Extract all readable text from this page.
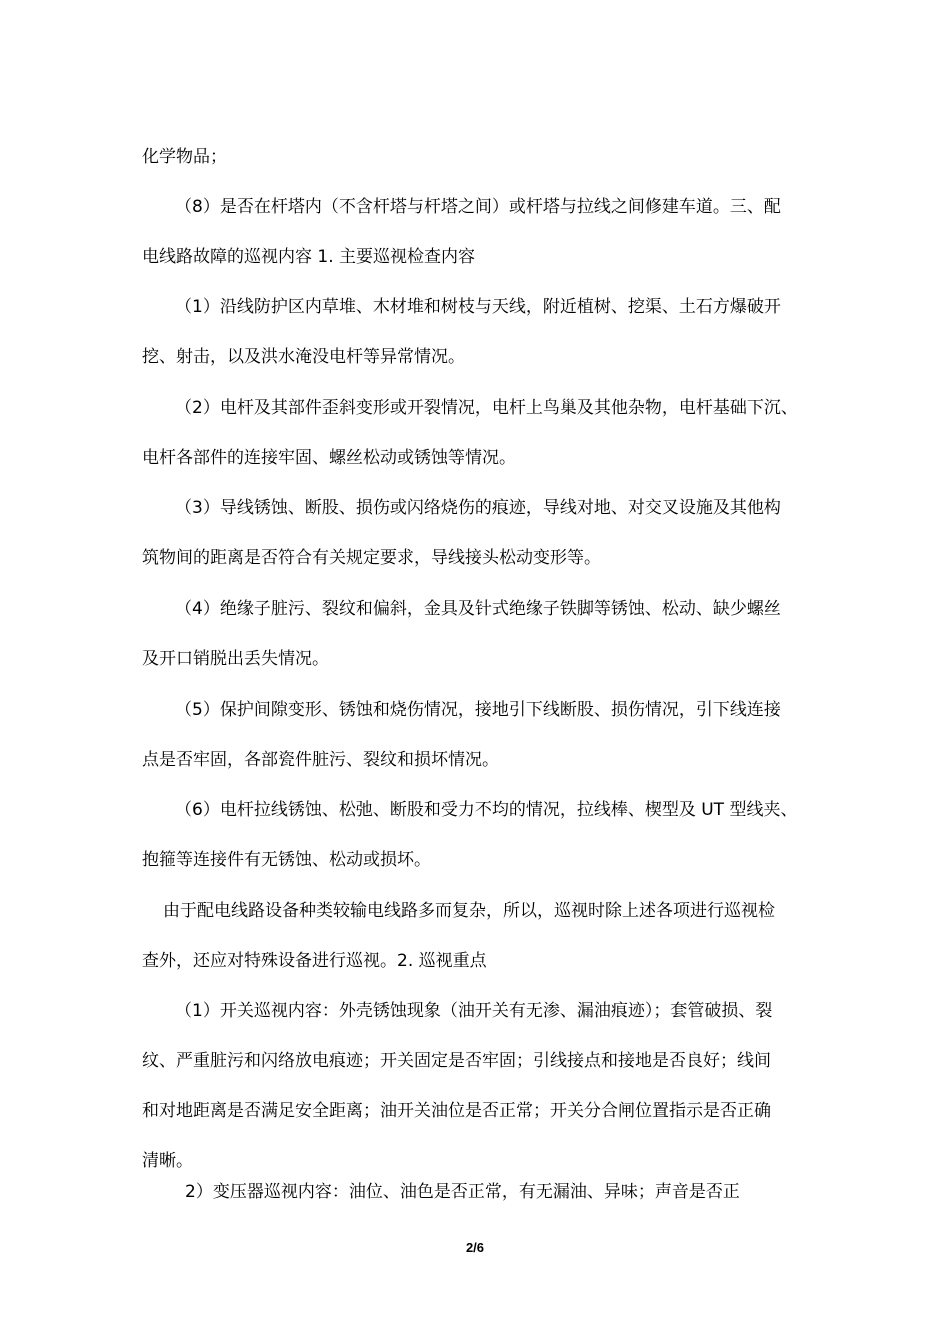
化学物品；
（8）是否在杆塔内（不含杆塔与杆塔之间）或杆塔与拉线之间修建车道。三、配
电线路故障的巡视内容 1. 主要巡视检查内容
（1）沿线防护区内草堆、木材堆和树枝与天线，附近植树、挖渠、土石方爆破开
挖、射击，以及洪水淹没电杆等异常情况。
（2）电杆及其部件歪斜变形或开裂情况，电杆上鸟巢及其他杂物，电杆基础下沉、
电杆各部件的连接牢固、螺丝松动或锈蚀等情况。
（3）导线锈蚀、断股、损伤或闪络烧伤的痕迹，导线对地、对交叉设施及其他构
筑物间的距离是否符合有关规定要求，导线接头松动变形等。
（4）绝缘子脏污、裂纹和偏斜，金具及针式绝缘子铁脚等锈蚀、松动、缺少螺丝
及开口销脱出丢失情况。
（5）保护间隙变形、锈蚀和烧伤情况，接地引下线断股、损伤情况，引下线连接
点是否牢固，各部瓷件脏污、裂纹和损坏情况。
（6）电杆拉线锈蚀、松弛、断股和受力不均的情况，拉线棒、楔型及 UT 型线夹、
抱箍等连接件有无锈蚀、松动或损坏。
由于配电线路设备种类较输电线路多而复杂，所以，巡视时除上述各项进行巡视检
查外，还应对特殊设备进行巡视。2. 巡视重点
（1）开关巡视内容：外壳锈蚀现象（油开关有无渗、漏油痕迹）；套管破损、裂
纹、严重脏污和闪络放电痕迹；开关固定是否牢固；引线接点和接地是否良好；线间
和对地距离是否满足安全距离；油开关油位是否正常；开关分合闸位置指示是否正确
清晰。
2）变压器巡视内容：油位、油色是否正常，有无漏油、异味；声音是否正
2/6
